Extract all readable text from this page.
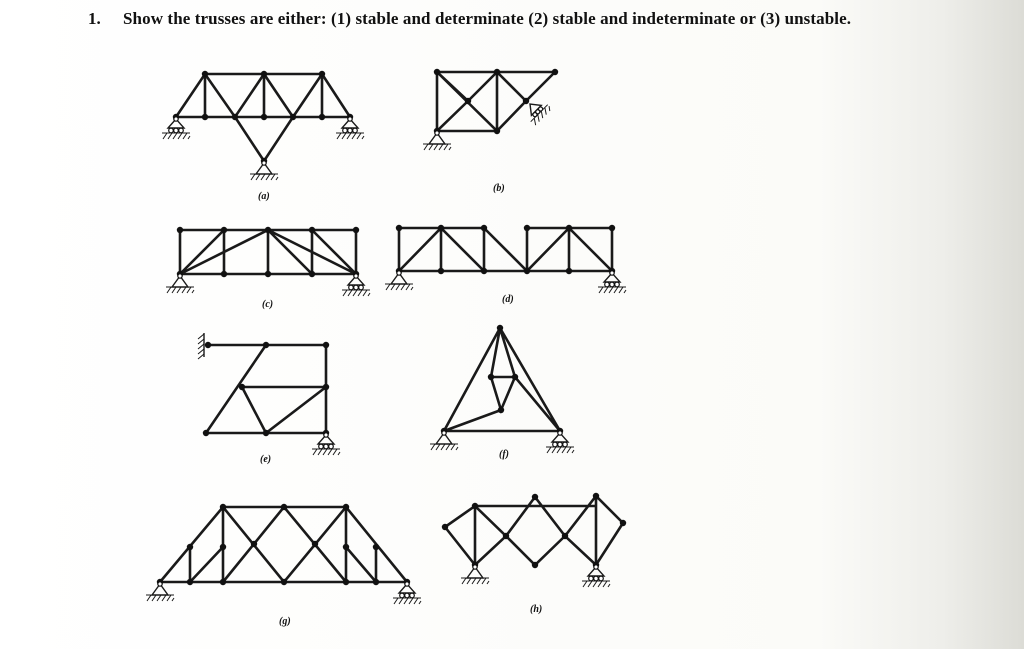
1. Show the trusses are either: (1) stable and determinate (2) stable and indeterminate or (3) unstable.
(a)
(b)
(c)	(d)
(e)	(f)
(g)
(h)
